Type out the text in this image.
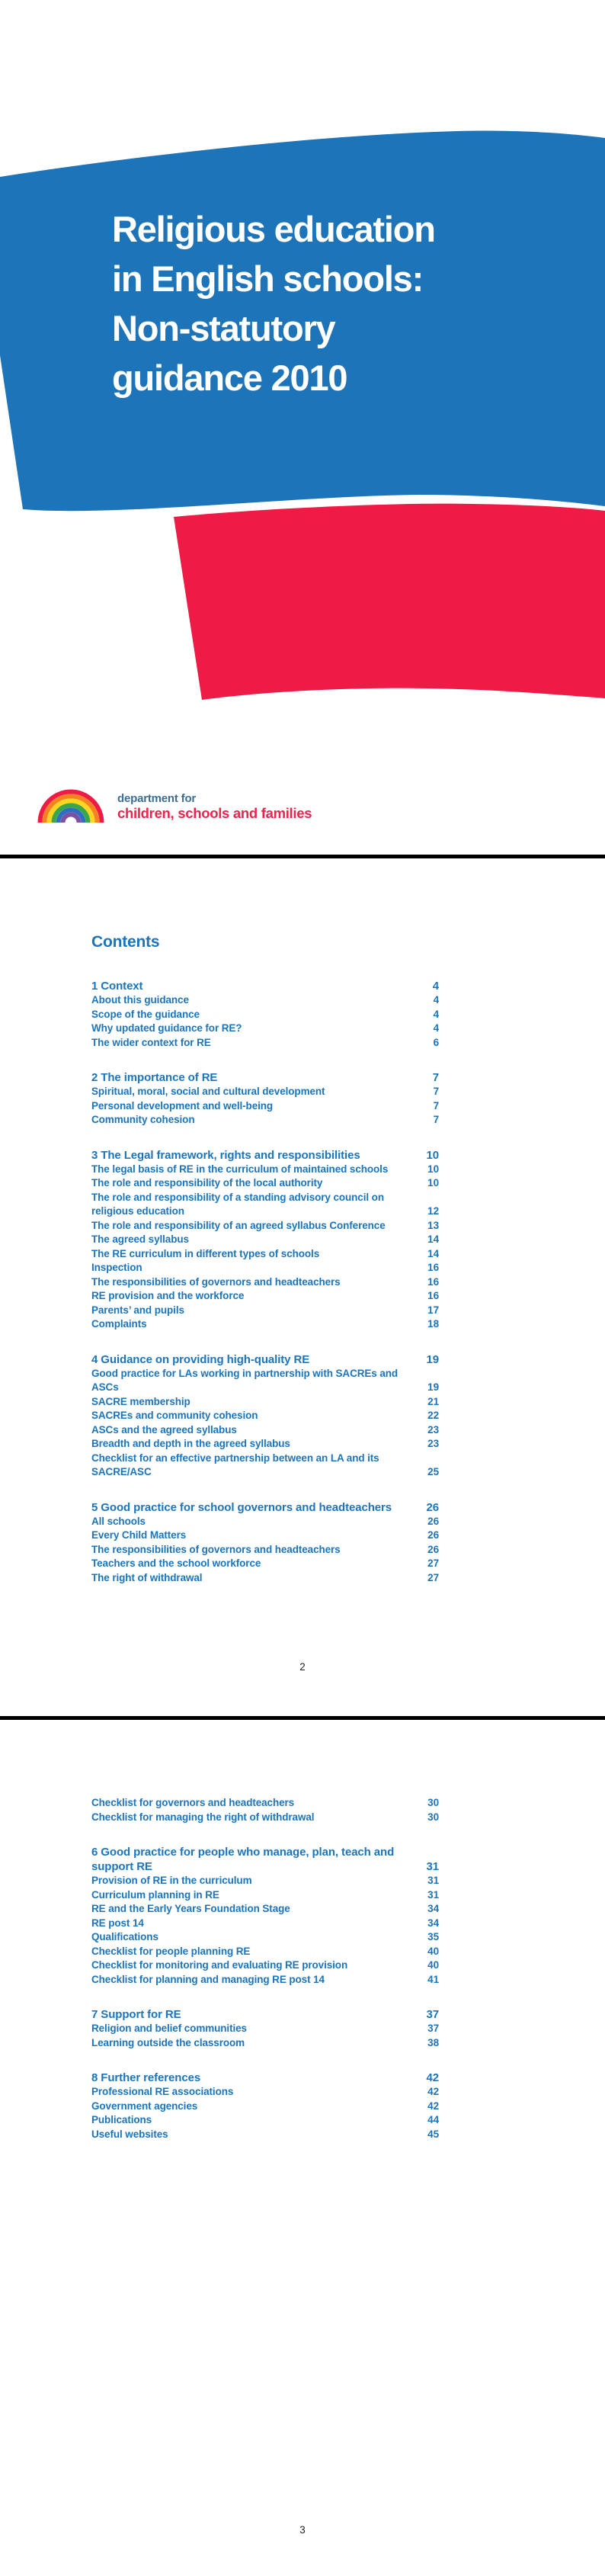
Religious education
in English schools:
Non-statutory
guidance 2010
department for
children, schools and families
Contents
1 Context	4
About this guidance	4
Scope of the guidance	4
Why updated guidance for RE?	4
The wider context for RE	6
2 The importance of RE	7
Spiritual, moral, social and cultural development	7
Personal development and well-being	7
Community cohesion	7
3 The Legal framework, rights and responsibilities	10
The legal basis of RE in the curriculum of maintained schools	10
The role and responsibility of the local authority	10
The role and responsibility of a standing advisory council on religious education	12
The role and responsibility of an agreed syllabus Conference	13
The agreed syllabus	14
The RE curriculum in different types of schools	14
Inspection	16
The responsibilities of governors and headteachers	16
RE provision and the workforce	16
Parents’ and pupils	17
Complaints	18
4 Guidance on providing high-quality RE	19
Good practice for LAs working in partnership with SACREs and ASCs	19
SACRE membership	21
SACREs and community cohesion	22
ASCs and the agreed syllabus	23
Breadth and depth in the agreed syllabus	23
Checklist for an effective partnership between an LA and its SACRE/ASC	25
5 Good practice for school governors and headteachers	26
All schools	26
Every Child Matters	26
The responsibilities of governors and headteachers	26
Teachers and the school workforce	27
The right of withdrawal	27
2
Checklist for governors and headteachers	30
Checklist for managing the right of withdrawal	30
6 Good practice for people who manage, plan, teach and support RE	31
Provision of RE in the curriculum	31
Curriculum planning in RE	31
RE and the Early Years Foundation Stage	34
RE post 14	34
Qualifications	35
Checklist for people planning RE	40
Checklist for monitoring and evaluating RE provision	40
Checklist for planning and managing RE post 14	41
7 Support for RE	37
Religion and belief communities	37
Learning outside the classroom	38
8 Further references	42
Professional RE associations	42
Government agencies	42
Publications	44
Useful websites	45
3
